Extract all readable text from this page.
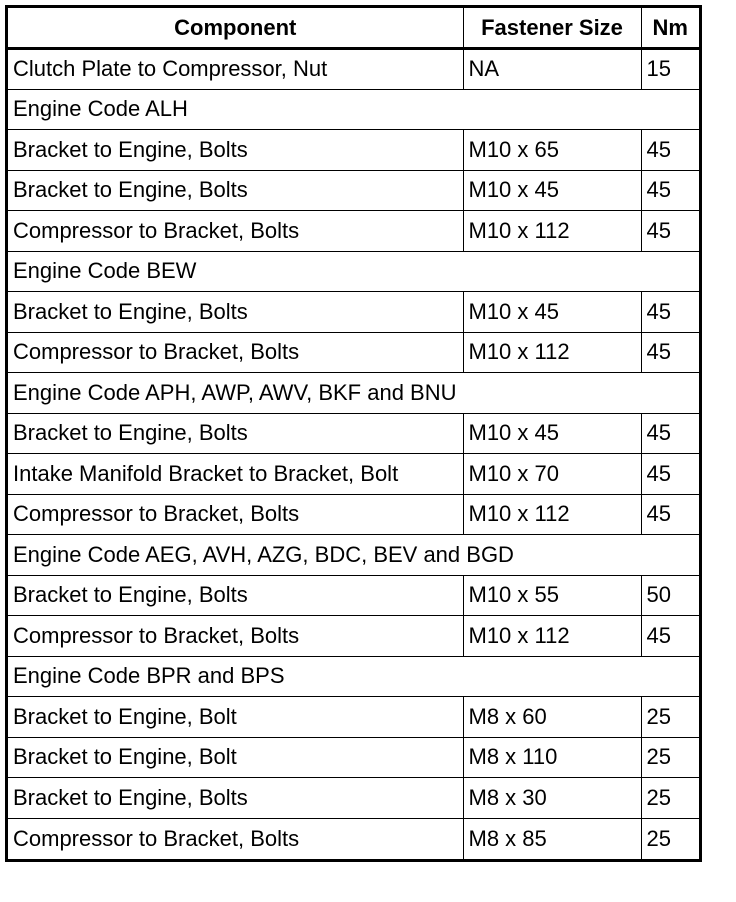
Component	Fastener Size	Nm
Clutch Plate to Compressor, Nut	NA	15
Engine Code ALH		
Bracket to Engine, Bolts	M10 x 65	45
Bracket to Engine, Bolts	M10 x 45	45
Compressor to Bracket, Bolts	M10 x 112	45
Engine Code BEW		
Bracket to Engine, Bolts	M10 x 45	45
Compressor to Bracket, Bolts	M10 x 112	45
Engine Code APH, AWP, AWV, BKF and BNU		
Bracket to Engine, Bolts	M10 x 45	45
Intake Manifold Bracket to Bracket, Bolt	M10 x 70	45
Compressor to Bracket, Bolts	M10 x 112	45
Engine Code AEG, AVH, AZG, BDC, BEV and BGD		
Bracket to Engine, Bolts	M10 x 55	50
Compressor to Bracket, Bolts	M10 x 112	45
Engine Code BPR and BPS		
Bracket to Engine, Bolt	M8 x 60	25
Bracket to Engine, Bolt	M8 x 110	25
Bracket to Engine, Bolts	M8 x 30	25
Compressor to Bracket, Bolts	M8 x 85	25
